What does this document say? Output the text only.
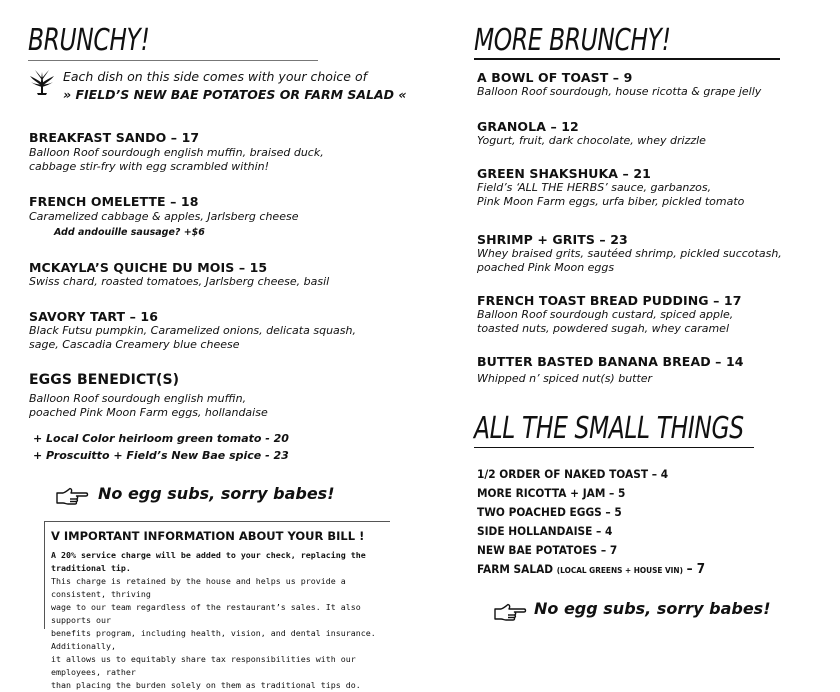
BRUNCHY!
Each dish on this side comes with your choice of
» FIELD’S NEW BAE POTATOES OR FARM SALAD «
BREAKFAST SANDO – 17
Balloon Roof sourdough english muffin, braised duck,
cabbage stir-fry with egg scrambled within!
FRENCH OMELETTE – 18
Caramelized cabbage & apples, Jarlsberg cheese
Add andouille sausage? +$6
MCKAYLA’S QUICHE DU MOIS – 15
Swiss chard, roasted tomatoes, Jarlsberg cheese, basil
SAVORY TART – 16
Black Futsu pumpkin, Caramelized onions, delicata squash,
sage, Cascadia Creamery blue cheese
EGGS BENEDICT(S)
Balloon Roof sourdough english muffin,
poached Pink Moon Farm eggs, hollandaise
+ Local Color heirloom green tomato - 20
+ Proscuitto + Field’s New Bae spice - 23
No egg subs, sorry babes!
V IMPORTANT INFORMATION ABOUT YOUR BILL !
A 20% service charge will be added to your check, replacing the traditional tip.
This charge is retained by the house and helps us provide a consistent, thriving
wage to our team regardless of the restaurant’s sales. It also supports our
benefits program, including health, vision, and dental insurance. Additionally,
it allows us to equitably share tax responsibilities with our employees, rather
than placing the burden solely on them as traditional tips do.
MORE BRUNCHY!
A BOWL OF TOAST – 9
Balloon Roof sourdough, house ricotta & grape jelly
GRANOLA – 12
Yogurt, fruit, dark chocolate, whey drizzle
GREEN SHAKSHUKA – 21
Field’s ‘ALL THE HERBS’ sauce, garbanzos,
Pink Moon Farm eggs, urfa biber, pickled tomato
SHRIMP + GRITS – 23
Whey braised grits, sautéed shrimp, pickled succotash,
poached Pink Moon eggs
FRENCH TOAST BREAD PUDDING – 17
Balloon Roof sourdough custard, spiced apple,
toasted nuts, powdered sugah, whey caramel
BUTTER BASTED BANANA BREAD – 14
Whipped n’ spiced nut(s) butter
ALL THE SMALL THINGS
1/2 ORDER OF NAKED TOAST – 4
MORE RICOTTA + JAM – 5
TWO POACHED EGGS – 5
SIDE HOLLANDAISE – 4
NEW BAE POTATOES – 7
FARM SALAD (LOCAL GREENS + HOUSE VIN) – 7
No egg subs, sorry babes!
